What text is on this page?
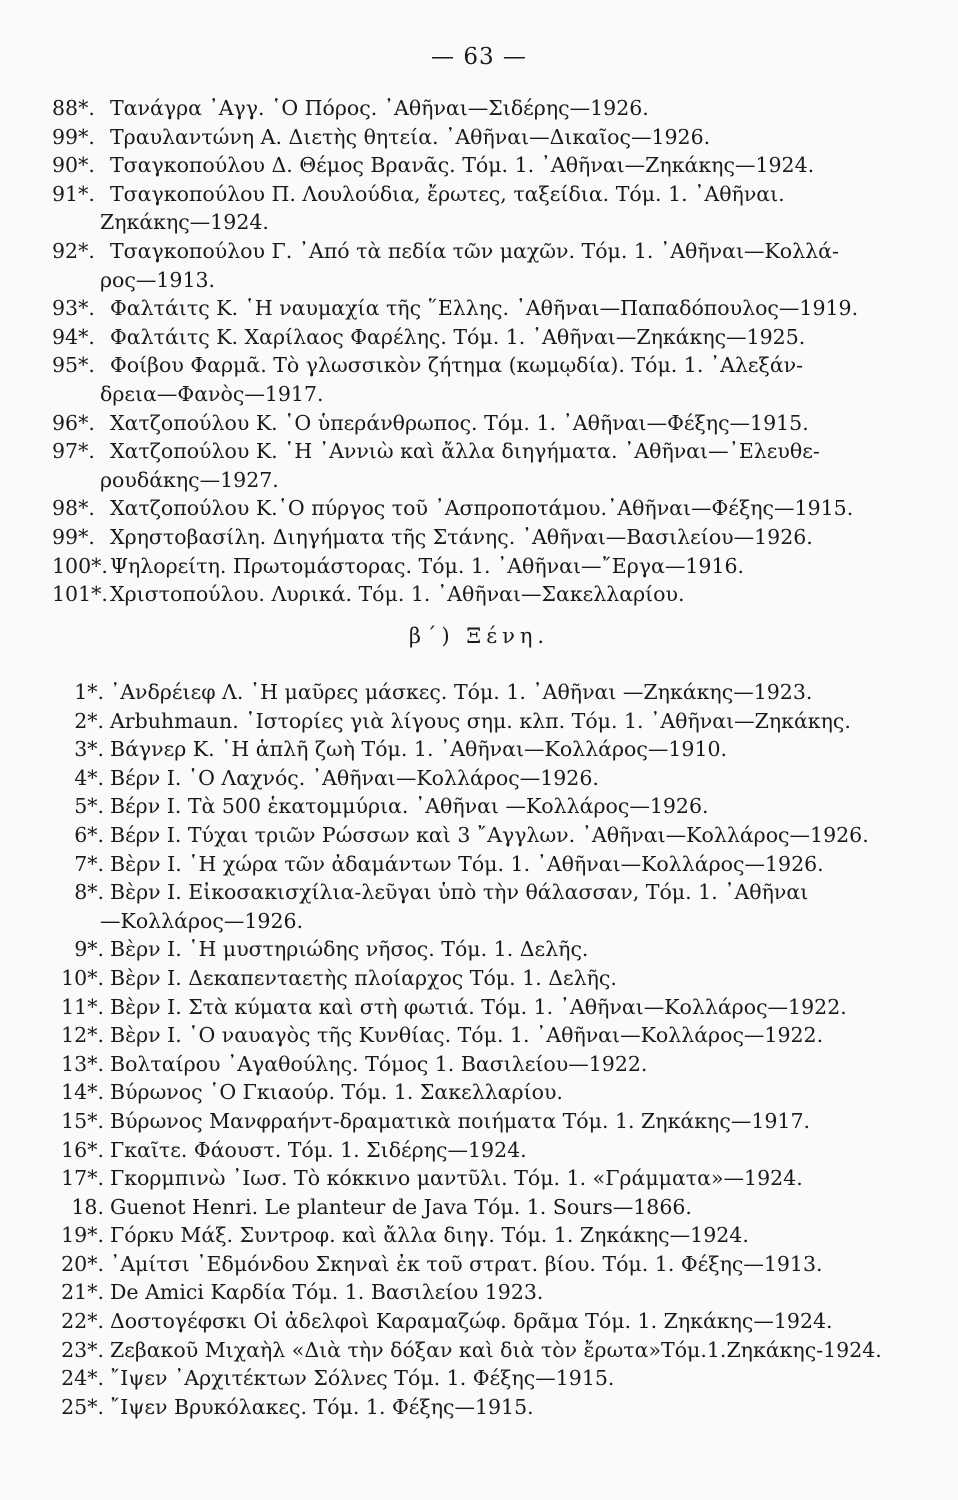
— 63 —
88*. Τανάγρα ᾿Αγγ. ῾Ο Πόρος. ᾿Αθῆναι—Σιδέρης—1926.
99*. Τραυλαντώνη Α. Διετὴς θητεία. ᾿Αθῆναι—Δικαῖος—1926.
90*. Τσαγκοπούλου Δ. Θέμος Βρανᾶς. Τόμ. 1. ᾿Αθῆναι—Ζηκάκης—1924.
91*. Τσαγκοπούλου Π. Λουλούδια, ἔρωτες, ταξείδια. Τόμ. 1. ᾿Αθῆναι.
Ζηκάκης—1924.
92*. Τσαγκοπούλου Γ. ᾿Από τὰ πεδία τῶν μαχῶν. Τόμ. 1. ᾿Αθῆναι—Κολλά-
ρος—1913.
93*. Φαλτάιτς Κ. ῾Η ναυμαχία τῆς ῞Ελλης. ᾿Αθῆναι—Παπαδόπουλος—1919.
94*. Φαλτάιτς Κ. Χαρίλαος Φαρέλης. Τόμ. 1. ᾿Αθῆναι—Ζηκάκης—1925.
95*. Φοίβου Φαρμᾶ. Τὸ γλωσσικὸν ζήτημα (κωμῳδία). Τόμ. 1. ᾿Αλεξάν-
δρεια—Φανὸς—1917.
96*. Χατζοπούλου Κ. ῾Ο ὑπεράνθρωπος. Τόμ. 1. ᾿Αθῆναι—Φέξης—1915.
97*. Χατζοπούλου Κ. ῾Η ᾿Αννιὼ καὶ ἄλλα διηγήματα. ᾿Αθῆναι—᾿Ελευθε-
ρουδάκης—1927.
98*. Χατζοπούλου Κ.῾Ο πύργος τοῦ ᾿Ασπροποτάμου.᾿Αθῆναι—Φέξης—1915.
99*. Χρηστοβασίλη. Διηγήματα τῆς Στάνης. ᾿Αθῆναι—Βασιλείου—1926.
100*. Ψηλορείτη. Πρωτομάστορας. Τόμ. 1. ᾿Αθῆναι—῎Εργα—1916.
101*. Χριστοπούλου. Λυρικά. Τόμ. 1. ᾿Αθῆναι—Σακελλαρίου.
β΄) Ξένη.
1*. ᾿Ανδρέιεφ Λ. ῾Η μαῦρες μάσκες. Τόμ. 1. ᾿Αθῆναι —Ζηκάκης—1923.
2*. Arbuhmaun. ῾Ιστορίες γιὰ λίγους σημ. κλπ. Τόμ. 1. ᾿Αθῆναι—Ζηκάκης.
3*. Βάγνερ Κ. ῾Η ἁπλῆ ζωὴ Τόμ. 1. ᾿Αθῆναι—Κολλάρος—1910.
4*. Βέρν Ι. ῾Ο Λαχνός. ᾿Αθῆναι—Κολλάρος—1926.
5*. Βέρν Ι. Τὰ 500 ἑκατομμύρια. ᾿Αθῆναι —Κολλάρος—1926.
6*. Βέρν Ι. Τύχαι τριῶν Ρώσσων καὶ 3 ῎Αγγλων. ᾿Αθῆναι—Κολλάρος—1926.
7*. Βὲρν Ι. ῾Η χώρα τῶν ἀδαμάντων Τόμ. 1. ᾿Αθῆναι—Κολλάρος—1926.
8*. Βὲρν Ι. Εἰκοσακισχίλια-λεῦγαι ὑπὸ τὴν θάλασσαν, Τόμ. 1. ᾿Αθῆναι
—Κολλάρος—1926.
9*. Βὲρν Ι. ῾Η μυστηριώδης νῆσος. Τόμ. 1. Δελῆς.
10*. Βὲρν Ι. Δεκαπενταετὴς πλοίαρχος Τόμ. 1. Δελῆς.
11*. Βὲρν Ι. Στὰ κύματα καὶ στὴ φωτιά. Τόμ. 1. ᾿Αθῆναι—Κολλάρος—1922.
12*. Βὲρν Ι. ῾Ο ναυαγὸς τῆς Κυνθίας. Τόμ. 1. ᾿Αθῆναι—Κολλάρος—1922.
13*. Βολταίρου ᾿Αγαθούλης. Τόμος 1. Βασιλείου—1922.
14*. Βύρωνος ῾Ο Γκιαούρ. Τόμ. 1. Σακελλαρίου.
15*. Βύρωνος Μανφραήντ-δραματικὰ ποιήματα Τόμ. 1. Ζηκάκης—1917.
16*. Γκαῖτε. Φάουστ. Τόμ. 1. Σιδέρης—1924.
17*. Γκορμπινὼ ᾿Ιωσ. Τὸ κόκκινο μαντῦλι. Τόμ. 1. «Γράμματα»—1924.
18. Guenot Henri. Le planteur de Java Τόμ. 1. Sours—1866.
19*. Γόρκυ Μάξ. Συντροφ. καὶ ἄλλα διηγ. Τόμ. 1. Ζηκάκης—1924.
20*. ᾿Αμίτσι ᾿Εδμόνδου Σκηναὶ ἐκ τοῦ στρατ. βίου. Τόμ. 1. Φέξης—1913.
21*. De Amici Καρδία Τόμ. 1. Βασιλείου 1923.
22*. Δοστογέφσκι Οἱ ἀδελφοὶ Καραμαζώφ. δρᾶμα Τόμ. 1. Ζηκάκης—1924.
23*. Ζεβακοῦ Μιχαὴλ «Διὰ τὴν δόξαν καὶ διὰ τὸν ἔρωτα»Τόμ.1.Ζηκάκης-1924.
24*. ῎Ιψεν ᾿Αρχιτέκτων Σόλνες Τόμ. 1. Φέξης—1915.
25*. ῎Ιψεν Βρυκόλακες. Τόμ. 1. Φέξης—1915.
